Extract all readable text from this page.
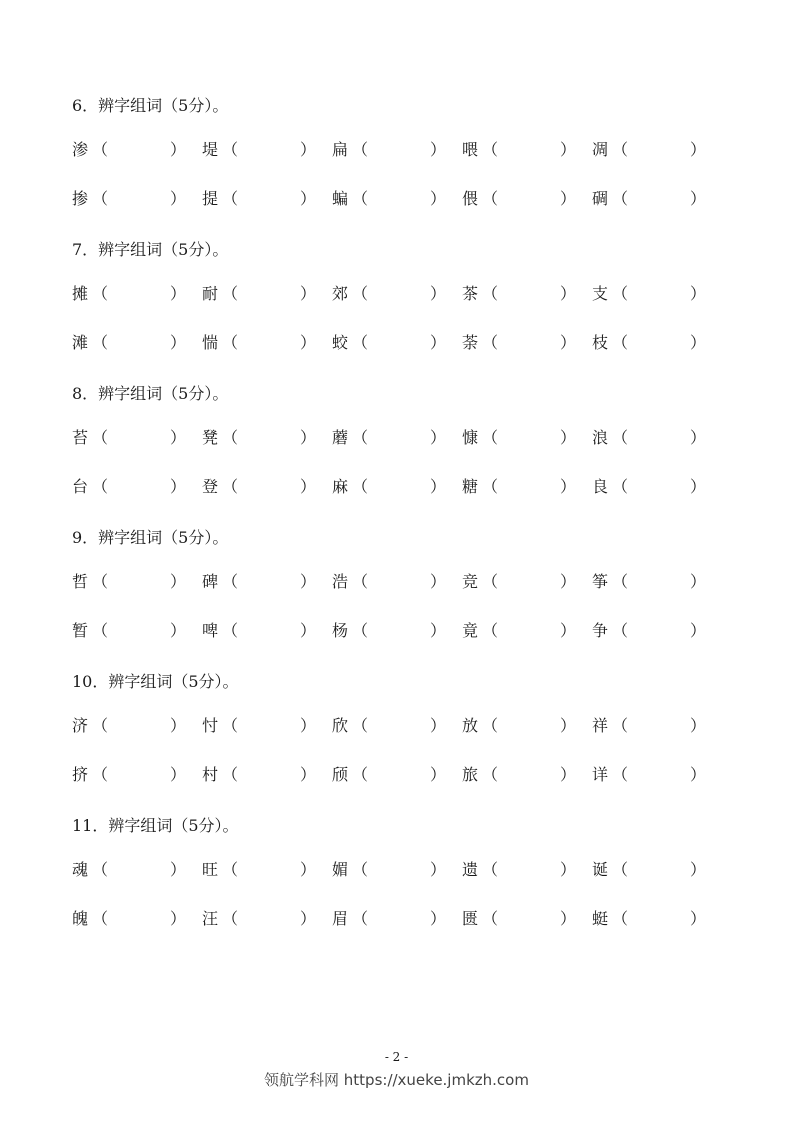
6．辨字组词（5分）。
渗 （	） 堤 （	） 扁 （	） 喂 （	） 凋 （	）
掺 （	） 提 （	） 蝙 （	） 偎 （	） 碉 （	）
7．辨字组词（5分）。
摊 （	） 耐 （	） 郊 （	） 茶 （	） 支 （	）
滩 （	） 惴 （	） 蛟 （	） 荼 （	） 枝 （	）
8．辨字组词（5分）。
苔 （	） 凳 （	） 蘑 （	） 慷 （	） 浪 （	）
台 （	） 登 （	） 麻 （	） 糖 （	） 良 （	）
9．辨字组词（5分）。
哲 （	） 碑 （	） 浩 （	） 竞 （	） 筝 （	）
暂 （	） 啤 （	） 杨 （	） 竟 （	） 争 （	）
10．辨字组词（5分）。
济 （	） 忖 （	） 欣 （	） 放 （	） 祥 （	）
挤 （	） 村 （	） 颀 （	） 旅 （	） 详 （	）
11．辨字组词（5分）。
魂 （	） 旺 （	） 媚 （	） 遗 （	） 诞 （	）
魄 （	） 汪 （	） 眉 （	） 匮 （	） 蜓 （	）
- 2 -
领航学科网 https://xueke.jmkzh.com
